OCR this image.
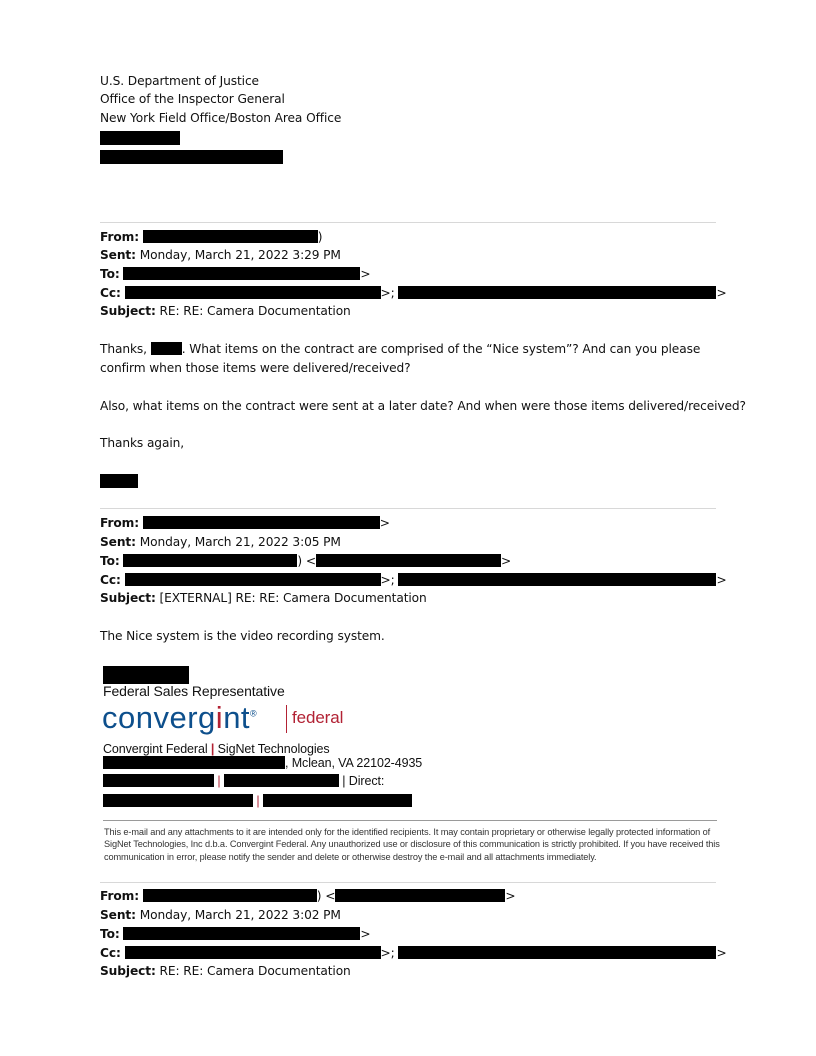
U.S. Department of Justice
Office of the Inspector General
New York Field Office/Boston Area Office
From:	)
Sent: Monday, March 21, 2022 3:29 PM
To:	>
Cc:	>;	>
Subject: RE: RE: Camera Documentation
Thanks,	. What items on the contract are comprised of the “Nice system”? And can you please
confirm when those items were delivered/received?
Also, what items on the contract were sent at a later date? And when were those items delivered/received?
Thanks again,
From:	>
Sent: Monday, March 21, 2022 3:05 PM
To:	) <	>
Cc:	>;	>
Subject: [EXTERNAL] RE: RE: Camera Documentation
The Nice system is the video recording system.
Federal Sales Representative
convergint® federal
Convergint Federal | SigNet Technologies
, Mclean, VA 22102-4935
|	| Direct:
|
This e-mail and any attachments to it are intended only for the identified recipients. It may contain proprietary or otherwise legally protected information of SigNet Technologies, Inc d.b.a. Convergint Federal. Any unauthorized use or disclosure of this communication is strictly prohibited. If you have received this communication in error, please notify the sender and delete or otherwise destroy the e-mail and all attachments immediately.
From:	) <	>
Sent: Monday, March 21, 2022 3:02 PM
To:	>
Cc:	>;	>
Subject: RE: RE: Camera Documentation
